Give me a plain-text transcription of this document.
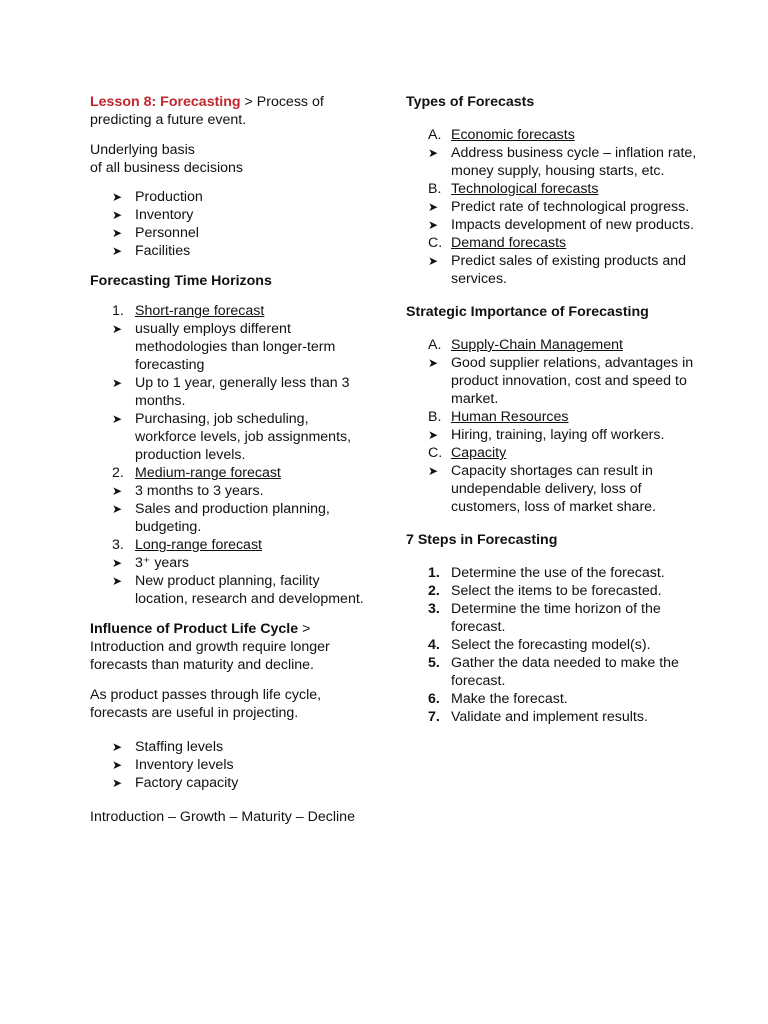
Lesson 8: Forecasting > Process of predicting a future event.

Underlying basis

of all business decisions

➤ Production
➤ Inventory
➤ Personnel
➤ Facilities

Forecasting Time Horizons

1. Short-range forecast
➤ usually employs different methodologies than longer-term forecasting
➤ Up to 1 year, generally less than 3 months.
➤ Purchasing, job scheduling, workforce levels, job assignments, production levels.
2. Medium-range forecast
➤ 3 months to 3 years.
➤ Sales and production planning, budgeting.
3. Long-range forecast
➤ 3⁺ years
➤ New product planning, facility location, research and development.

Influence of Product Life Cycle > Introduction and growth require longer forecasts than maturity and decline.

As product passes through life cycle, forecasts are useful in projecting.

➤ Staffing levels
➤ Inventory levels
➤ Factory capacity

Introduction – Growth – Maturity – Decline

Types of Forecasts

A. Economic forecasts
➤ Address business cycle – inflation rate, money supply, housing starts, etc.
B. Technological forecasts
➤ Predict rate of technological progress.
➤ Impacts development of new products.
C. Demand forecasts
➤ Predict sales of existing products and services.

Strategic Importance of Forecasting

A. Supply-Chain Management
➤ Good supplier relations, advantages in product innovation, cost and speed to market.
B. Human Resources
➤ Hiring, training, laying off workers.
C. Capacity
➤ Capacity shortages can result in undependable delivery, loss of customers, loss of market share.

7 Steps in Forecasting

1. Determine the use of the forecast.
2. Select the items to be forecasted.
3. Determine the time horizon of the forecast.
4. Select the forecasting model(s).
5. Gather the data needed to make the forecast.
6. Make the forecast.
7. Validate and implement results.
